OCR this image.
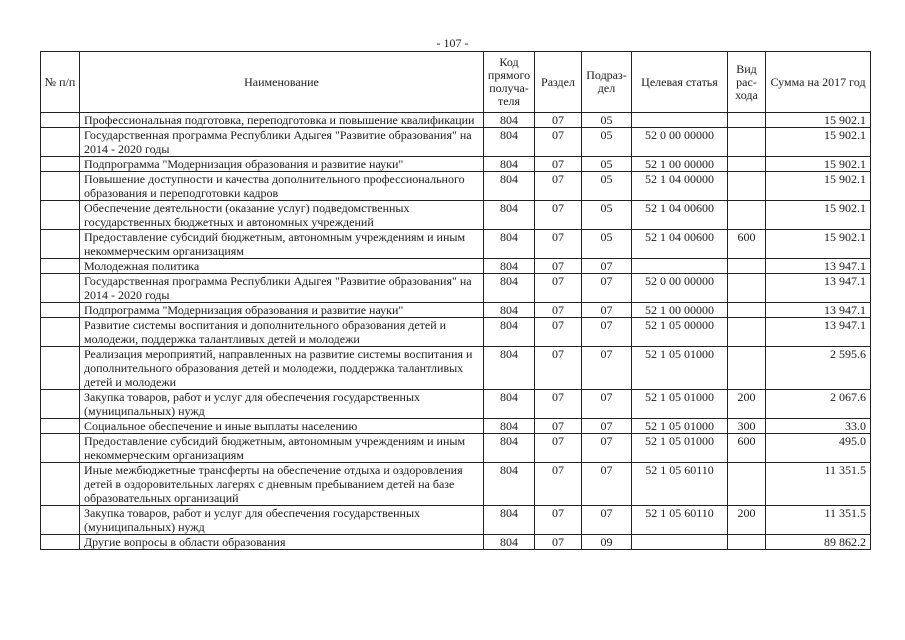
- 107 -
№ п/п	Наименование	Код прямого получа-теля	Раздел	Подраз-дел	Целевая статья	Вид рас-хода	Сумма на 2017 год
	Профессиональная подготовка, переподготовка и повышение квалификации	804	07	05			15 902.1
	Государственная программа Республики Адыгея "Развитие образования" на 2014 - 2020 годы	804	07	05	52 0 00 00000		15 902.1
	Подпрограмма "Модернизация образования и развитие науки"	804	07	05	52 1 00 00000		15 902.1
	Повышение доступности и качества дополнительного профессионального образования и переподготовки кадров	804	07	05	52 1 04 00000		15 902.1
	Обеспечение деятельности (оказание услуг) подведомственных государственных бюджетных и автономных учреждений	804	07	05	52 1 04 00600		15 902.1
	Предоставление субсидий бюджетным, автономным учреждениям и иным некоммерческим организациям	804	07	05	52 1 04 00600	600	15 902.1
	Молодежная политика	804	07	07			13 947.1
	Государственная программа Республики Адыгея "Развитие образования" на 2014 - 2020 годы	804	07	07	52 0 00 00000		13 947.1
	Подпрограмма "Модернизация образования и развитие науки"	804	07	07	52 1 00 00000		13 947.1
	Развитие системы воспитания и дополнительного образования детей и молодежи, поддержка талантливых детей и молодежи	804	07	07	52 1 05 00000		13 947.1
	Реализация мероприятий, направленных на развитие системы воспитания и дополнительного образования детей и молодежи, поддержка талантливых детей и молодежи	804	07	07	52 1 05 01000		2 595.6
	Закупка товаров, работ и услуг для обеспечения государственных (муниципальных) нужд	804	07	07	52 1 05 01000	200	2 067.6
	Социальное обеспечение и иные выплаты населению	804	07	07	52 1 05 01000	300	33.0
	Предоставление субсидий бюджетным, автономным учреждениям и иным некоммерческим организациям	804	07	07	52 1 05 01000	600	495.0
	Иные межбюджетные трансферты на обеспечение отдыха и оздоровления детей в оздоровительных лагерях с дневным пребыванием детей на базе образовательных организаций	804	07	07	52 1 05 60110		11 351.5
	Закупка товаров, работ и услуг для обеспечения государственных (муниципальных) нужд	804	07	07	52 1 05 60110	200	11 351.5
	Другие вопросы в области образования	804	07	09			89 862.2
